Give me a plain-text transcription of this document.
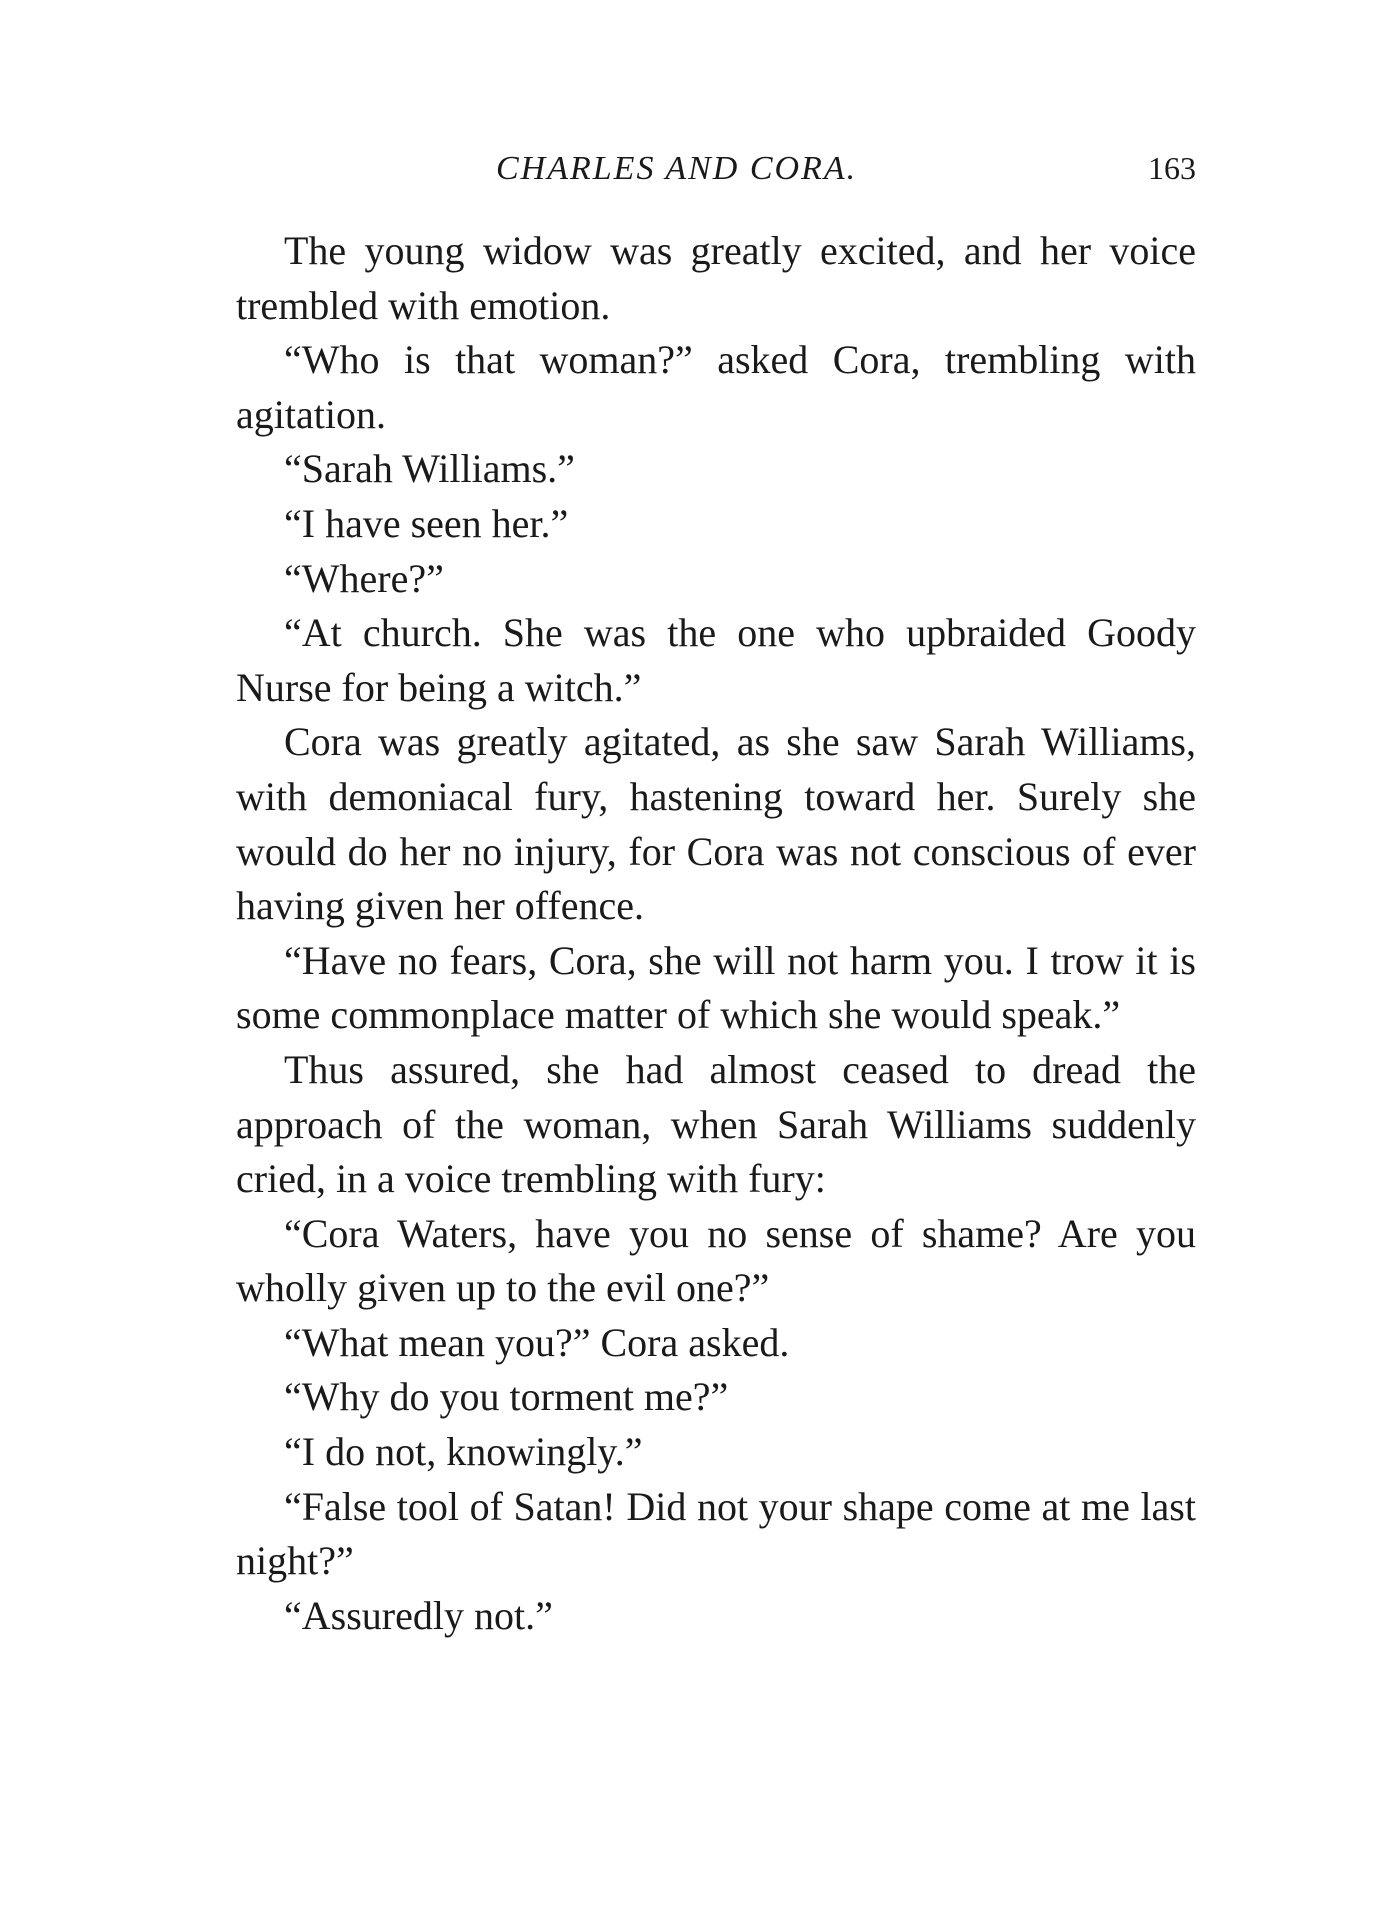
CHARLES AND CORA.	163

The young widow was greatly excited, and her voice trembled with emotion.

“Who is that woman?” asked Cora, trembling with agitation.

“Sarah Williams.”

“I have seen her.”

“Where?”

“At church. She was the one who upbraided Goody Nurse for being a witch.”

Cora was greatly agitated, as she saw Sarah Williams, with demoniacal fury, hastening toward her. Surely she would do her no injury, for Cora was not conscious of ever having given her offence.

“Have no fears, Cora, she will not harm you. I trow it is some commonplace matter of which she would speak.”

Thus assured, she had almost ceased to dread the approach of the woman, when Sarah Williams suddenly cried, in a voice trembling with fury:

“Cora Waters, have you no sense of shame? Are you wholly given up to the evil one?”

“What mean you?” Cora asked.

“Why do you torment me?”

“I do not, knowingly.”

“False tool of Satan! Did not your shape come at me last night?”

“Assuredly not.”
